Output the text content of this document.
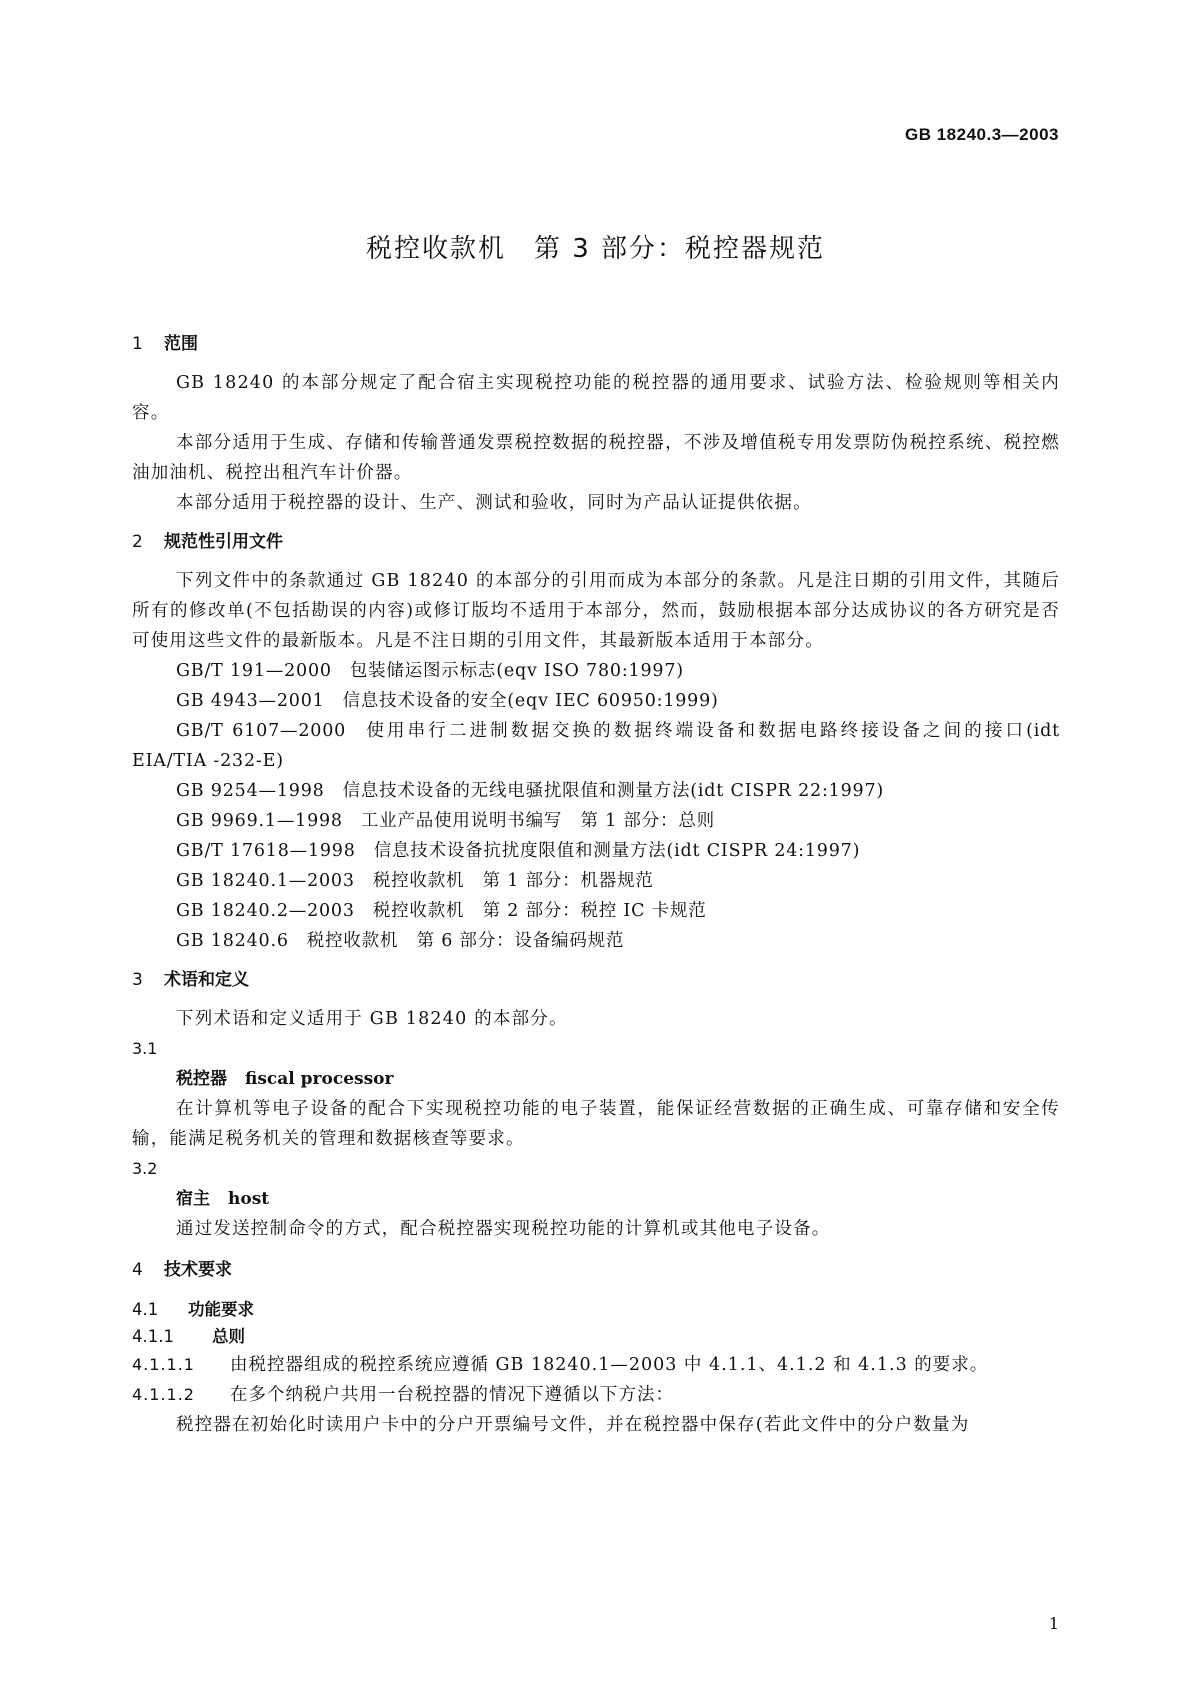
GB 18240.3—2003
税控收款机　第 3 部分：税控器规范
1 范围

GB 18240 的本部分规定了配合宿主实现税控功能的税控器的通用要求、试验方法、检验规则等相关内容。

本部分适用于生成、存储和传输普通发票税控数据的税控器，不涉及增值税专用发票防伪税控系统、税控燃油加油机、税控出租汽车计价器。

本部分适用于税控器的设计、生产、测试和验收，同时为产品认证提供依据。

2 规范性引用文件

下列文件中的条款通过 GB 18240 的本部分的引用而成为本部分的条款。凡是注日期的引用文件，其随后所有的修改单(不包括勘误的内容)或修订版均不适用于本部分，然而，鼓励根据本部分达成协议的各方研究是否可使用这些文件的最新版本。凡是不注日期的引用文件，其最新版本适用于本部分。

GB/T 191—2000 包装储运图示标志(eqv ISO 780:1997)

GB 4943—2001 信息技术设备的安全(eqv IEC 60950:1999)

GB/T 6107—2000 使用串行二进制数据交换的数据终端设备和数据电路终接设备之间的接口(idt EIA/TIA -232-E)

GB 9254—1998 信息技术设备的无线电骚扰限值和测量方法(idt CISPR 22:1997)

GB 9969.1—1998 工业产品使用说明书编写　第 1 部分：总则

GB/T 17618—1998 信息技术设备抗扰度限值和测量方法(idt CISPR 24:1997)

GB 18240.1—2003 税控收款机　第 1 部分：机器规范

GB 18240.2—2003 税控收款机　第 2 部分：税控 IC 卡规范

GB 18240.6 税控收款机　第 6 部分：设备编码规范

3 术语和定义

下列术语和定义适用于 GB 18240 的本部分。

3.1

税控器 fiscal processor

在计算机等电子设备的配合下实现税控功能的电子装置，能保证经营数据的正确生成、可靠存储和安全传输，能满足税务机关的管理和数据核查等要求。

3.2

宿主 host

通过发送控制命令的方式，配合税控器实现税控功能的计算机或其他电子设备。

4 技术要求
4.1 功能要求
4.1.1 总则

4.1.1.1 由税控器组成的税控系统应遵循 GB 18240.1—2003 中 4.1.1、4.1.2 和 4.1.3 的要求。

4.1.1.2 在多个纳税户共用一台税控器的情况下遵循以下方法：

税控器在初始化时读用户卡中的分户开票编号文件，并在税控器中保存(若此文件中的分户数量为

1
